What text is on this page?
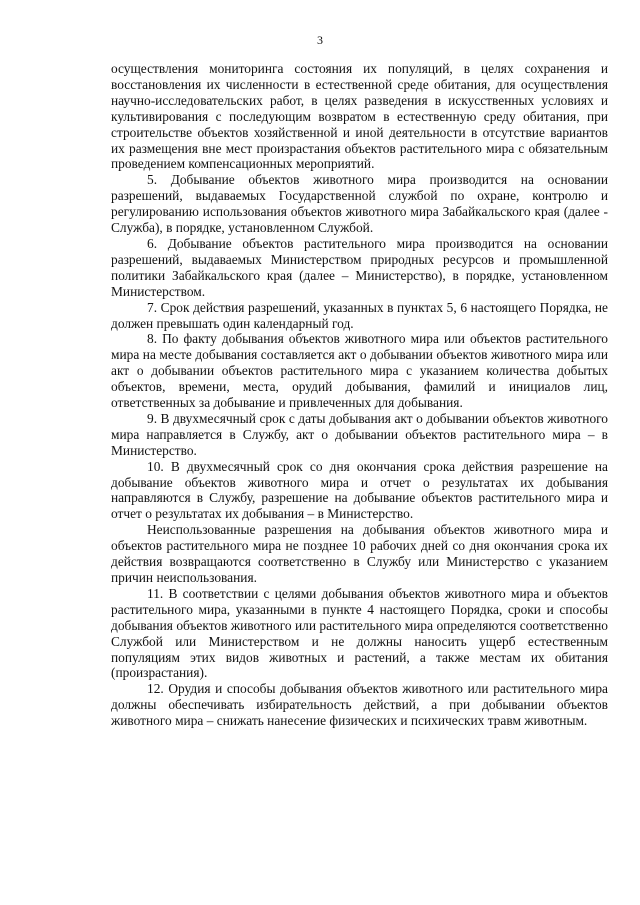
3

осуществления мониторинга состояния их популяций, в целях сохранения и восстановления их численности в естественной среде обитания, для осуществления научно-исследовательских работ, в целях разведения в искусственных условиях и культивирования с последующим возвратом в естественную среду обитания, при строительстве объектов хозяйственной и иной деятельности в отсутствие вариантов их размещения вне мест произрастания объектов растительного мира с обязательным проведением компенсационных мероприятий.

5. Добывание объектов животного мира производится на основании разрешений, выдаваемых Государственной службой по охране, контролю и регулированию использования объектов животного мира Забайкальского края (далее - Служба), в порядке, установленном Службой.

6. Добывание объектов растительного мира производится на основании разрешений, выдаваемых Министерством природных ресурсов и промышленной политики Забайкальского края (далее – Министерство), в порядке, установленном Министерством.

7. Срок действия разрешений, указанных в пунктах 5, 6 настоящего Порядка, не должен превышать один календарный год.

8. По факту добывания объектов животного мира или объектов растительного мира на месте добывания составляется акт о добывании объектов животного мира или акт о добывании объектов растительного мира с указанием количества добытых объектов, времени, места, орудий добывания, фамилий и инициалов лиц, ответственных за добывание и привлеченных для добывания.

9. В двухмесячный срок с даты добывания акт о добывании объектов животного мира направляется в Службу, акт о добывании объектов растительного мира – в Министерство.

10. В двухмесячный срок со дня окончания срока действия разрешение на добывание объектов животного мира и отчет о результатах их добывания направляются в Службу, разрешение на добывание объектов растительного мира и отчет о результатах их добывания – в Министерство.

Неиспользованные разрешения на добывания объектов животного мира и объектов растительного мира не позднее 10 рабочих дней со дня окончания срока их действия возвращаются соответственно в Службу или Министерство с указанием причин неиспользования.

11. В соответствии с целями добывания объектов животного мира и объектов растительного мира, указанными в пункте 4 настоящего Порядка, сроки и способы добывания объектов животного или растительного мира определяются соответственно Службой или Министерством и не должны наносить ущерб естественным популяциям этих видов животных и растений, а также местам их обитания (произрастания).

12. Орудия и способы добывания объектов животного или растительного мира должны обеспечивать избирательность действий, а при добывании объектов животного мира – снижать нанесение физических и психических травм животным.
